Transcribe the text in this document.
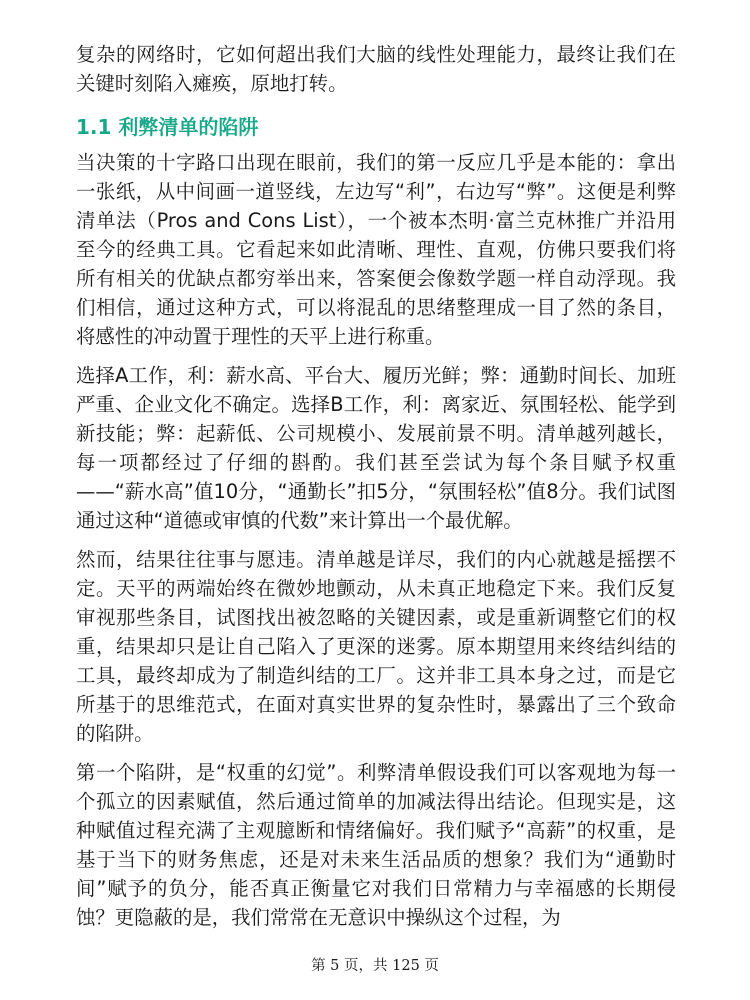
复杂的网络时，它如何超出我们大脑的线性处理能力，最终让我们在关键时刻陷入瘫痪，原地打转。

1.1 利弊清单的陷阱

当决策的十字路口出现在眼前，我们的第一反应几乎是本能的：拿出一张纸，从中间画一道竖线，左边写“利”，右边写“弊”。这便是利弊清单法（Pros and Cons List），一个被本杰明·富兰克林推广并沿用至今的经典工具。它看起来如此清晰、理性、直观，仿佛只要我们将所有相关的优缺点都穷举出来，答案便会像数学题一样自动浮现。我们相信，通过这种方式，可以将混乱的思绪整理成一目了然的条目，将感性的冲动置于理性的天平上进行称重。

选择A工作，利：薪水高、平台大、履历光鲜；弊：通勤时间长、加班严重、企业文化不确定。选择B工作，利：离家近、氛围轻松、能学到新技能；弊：起薪低、公司规模小、发展前景不明。清单越列越长，每一项都经过了仔细的斟酌。我们甚至尝试为每个条目赋予权重——“薪水高”值10分，“通勤长”扣5分，“氛围轻松”值8分。我们试图通过这种“道德或审慎的代数”来计算出一个最优解。

然而，结果往往事与愿违。清单越是详尽，我们的内心就越是摇摆不定。天平的两端始终在微妙地颤动，从未真正地稳定下来。我们反复审视那些条目，试图找出被忽略的关键因素，或是重新调整它们的权重，结果却只是让自己陷入了更深的迷雾。原本期望用来终结纠结的工具，最终却成为了制造纠结的工厂。这并非工具本身之过，而是它所基于的思维范式，在面对真实世界的复杂性时，暴露出了三个致命的陷阱。

第一个陷阱，是“权重的幻觉”。利弊清单假设我们可以客观地为每一个孤立的因素赋值，然后通过简单的加减法得出结论。但现实是，这种赋值过程充满了主观臆断和情绪偏好。我们赋予“高薪”的权重，是基于当下的财务焦虑，还是对未来生活品质的想象？我们为“通勤时间”赋予的负分，能否真正衡量它对我们日常精力与幸福感的长期侵蚀？更隐蔽的是，我们常常在无意识中操纵这个过程，为

第 5 页，共 125 页
